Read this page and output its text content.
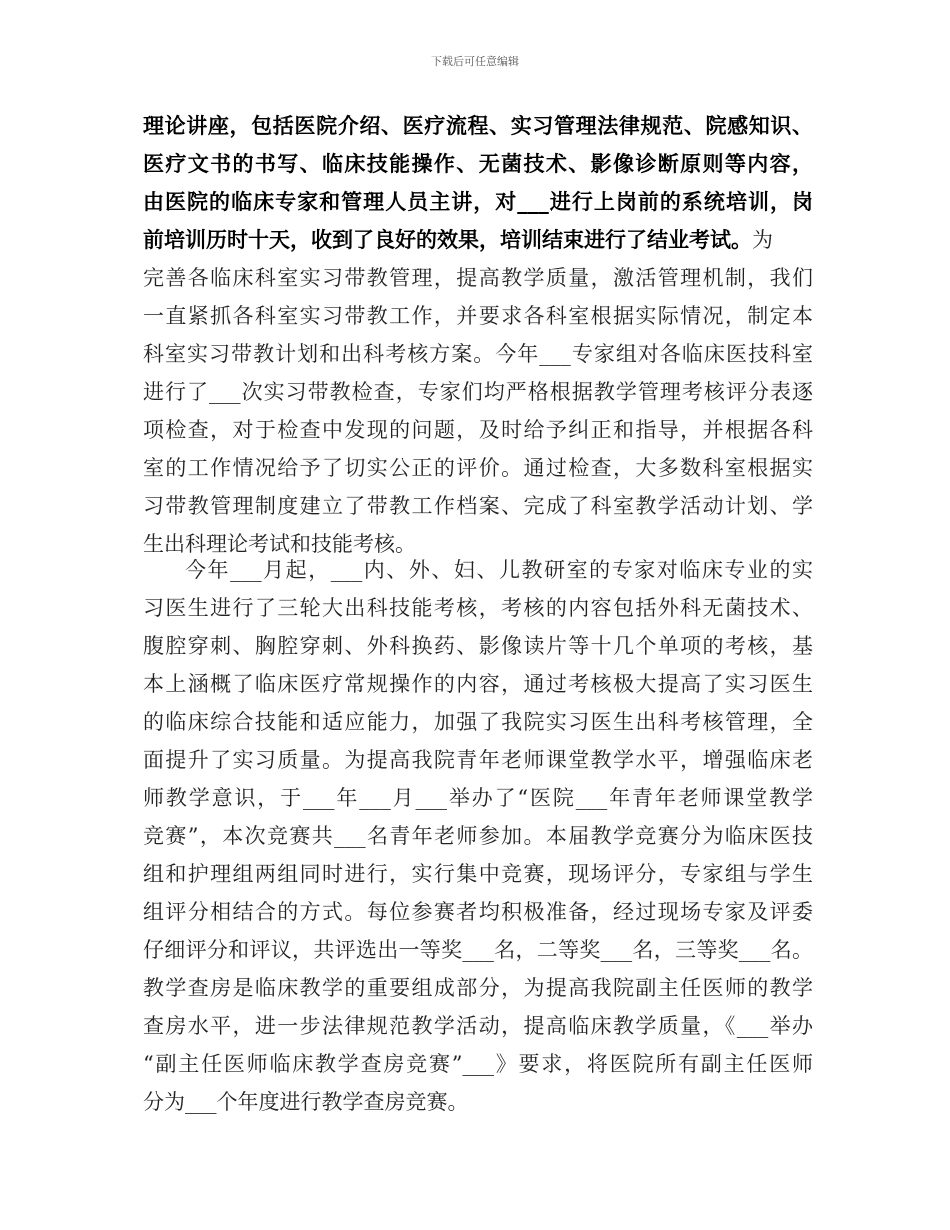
下载后可任意编辑
理论讲座，包括医院介绍、医疗流程、实习管理法律规范、院感知识、
医疗文书的书写、临床技能操作、无菌技术、影像诊断原则等内容，
由医院的临床专家和管理人员主讲，对___进行上岗前的系统培训，岗
前培训历时十天，收到了良好的效果，培训结束进行了结业考试。为
完善各临床科室实习带教管理，提高教学质量，激活管理机制，我们
一直紧抓各科室实习带教工作，并要求各科室根据实际情况，制定本
科室实习带教计划和出科考核方案。今年___专家组对各临床医技科室
进行了___次实习带教检查，专家们均严格根据教学管理考核评分表逐
项检查，对于检查中发现的问题，及时给予纠正和指导，并根据各科
室的工作情况给予了切实公正的评价。通过检查，大多数科室根据实
习带教管理制度建立了带教工作档案、完成了科室教学活动计划、学
生出科理论考试和技能考核。
今年___月起，___内、外、妇、儿教研室的专家对临床专业的实
习医生进行了三轮大出科技能考核，考核的内容包括外科无菌技术、
腹腔穿刺、胸腔穿刺、外科换药、影像读片等十几个单项的考核，基
本上涵概了临床医疗常规操作的内容，通过考核极大提高了实习医生
的临床综合技能和适应能力，加强了我院实习医生出科考核管理，全
面提升了实习质量。为提高我院青年老师课堂教学水平，增强临床老
师教学意识，于___年___月___举办了“医院___年青年老师课堂教学
竞赛”，本次竞赛共___名青年老师参加。本届教学竞赛分为临床医技
组和护理组两组同时进行，实行集中竞赛，现场评分，专家组与学生
组评分相结合的方式。每位参赛者均积极准备，经过现场专家及评委
仔细评分和评议，共评选出一等奖___名，二等奖___名，三等奖___名。
教学查房是临床教学的重要组成部分，为提高我院副主任医师的教学
查房水平，进一步法律规范教学活动，提高临床教学质量，《___举办
“副主任医师临床教学查房竞赛”___》要求，将医院所有副主任医师
分为___个年度进行教学查房竞赛。
